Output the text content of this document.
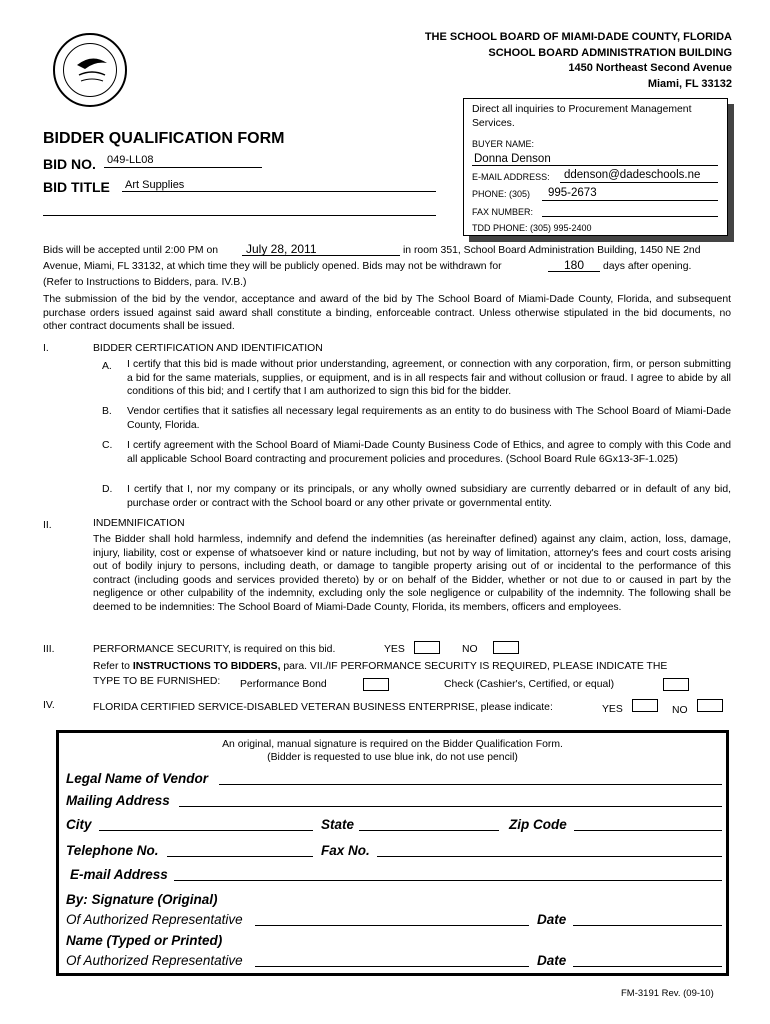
THE SCHOOL BOARD OF MIAMI-DADE COUNTY, FLORIDA
SCHOOL BOARD ADMINISTRATION BUILDING
1450 Northeast Second Avenue
Miami, FL 33132
Direct all inquiries to Procurement Management Services.
BUYER NAME:
Donna Denson
E-MAIL ADDRESS: ddenson@dadeschools.ne
PHONE: (305) 995-2673
FAX NUMBER:
TDD PHONE: (305) 995-2400
BIDDER QUALIFICATION FORM
BID NO. 049-LL08
BID TITLE Art Supplies
Bids will be accepted until 2:00 PM on July 28, 2011	in room 351, School Board Administration Building, 1450 NE 2nd
Avenue, Miami, FL 33132, at which time they will be publicly opened. Bids may not be withdrawn for	180 days after opening.
(Refer to Instructions to Bidders, para. IV.B.)
The submission of the bid by the vendor, acceptance and award of the bid by The School Board of Miami-Dade County, Florida, and subsequent purchase orders issued against said award shall constitute a binding, enforceable contract. Unless otherwise stipulated in the bid documents, no other contract documents shall be issued.
I.	BIDDER CERTIFICATION AND IDENTIFICATION
A. I certify that this bid is made without prior understanding, agreement, or connection with any corporation, firm, or person submitting a bid for the same materials, supplies, or equipment, and is in all respects fair and without collusion or fraud. I agree to abide by all conditions of this bid; and I certify that I am authorized to sign this bid for the bidder.
B. Vendor certifies that it satisfies all necessary legal requirements as an entity to do business with The School Board of Miami-Dade County, Florida.
C. I certify agreement with the School Board of Miami-Dade County Business Code of Ethics, and agree to comply with this Code and all applicable School Board contracting and procurement policies and procedures. (School Board Rule 6Gx13-3F-1.025)
D. I certify that I, nor my company or its principals, or any wholly owned subsidiary are currently debarred or in default of any bid, purchase order or contract with the School board or any other private or governmental entity.
II.	INDEMNIFICATION
The Bidder shall hold harmless, indemnify and defend the indemnities (as hereinafter defined) against any claim, action, loss, damage, injury, liability, cost or expense of whatsoever kind or nature including, but not by way of limitation, attorney's fees and court costs arising out of bodily injury to persons, including death, or damage to tangible property arising out of or incidental to the performance of this contract (including goods and services provided thereto) by or on behalf of the Bidder, whether or not due to or caused in part by the negligence or other culpability of the indemnity, excluding only the sole negligence or culpability of the indemnity. The following shall be deemed to be indemnities: The School Board of Miami-Dade County, Florida, its members, officers and employees.
III.	PERFORMANCE SECURITY, is required on this bid.	YES	NO
Refer to INSTRUCTIONS TO BIDDERS, para. VII./IF PERFORMANCE SECURITY IS REQUIRED, PLEASE INDICATE THE
TYPE TO BE FURNISHED: Performance Bond	Check (Cashier's, Certified, or equal)
IV.	FLORIDA CERTIFIED SERVICE-DISABLED VETERAN BUSINESS ENTERPRISE, please indicate:	YES	NO
An original, manual signature is required on the Bidder Qualification Form.
(Bidder is requested to use blue ink, do not use pencil)
Legal Name of Vendor
Mailing Address
City	State	Zip Code
Telephone No.	Fax No.
E-mail Address
By: Signature (Original)
Of Authorized Representative	Date
Name (Typed or Printed)
Of Authorized Representative	Date
FM-3191 Rev. (09-10)
